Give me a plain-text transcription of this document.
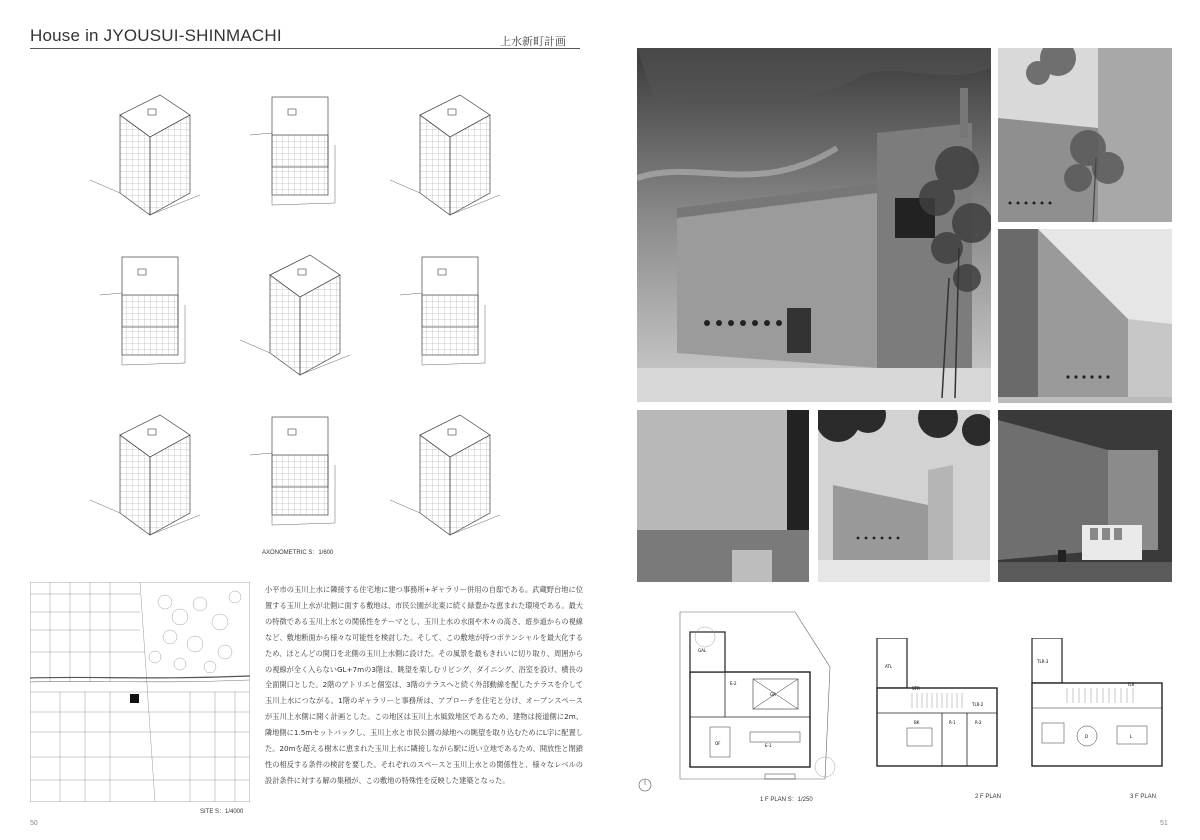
House in JYOUSUI-SHINMACHI	上水新町計画
AXONOMETRIC S：1/600
SITE S：1/4000
小平市の玉川上水に隣接する住宅地に建つ事務所+ギャラリー併用の自邸である。武蔵野台地に位置する玉川上水が北側に面する敷地は、市民公園が北東に続く緑豊かな恵まれた環境である。最大の特徴である玉川上水との関係性をテーマとし、玉川上水の水面や木々の高さ、遊歩道からの視線など、敷地断面から様々な可能性を検討した。そして、この敷地が持つポテンシャルを最大化するため、ほとんどの開口を北側の玉川上水側に設けた。その風景を最もきれいに切り取り、周囲からの視線が全く入らないGL+7mの3階は、眺望を楽しむリビング、ダイニング、浴室を設け、横長の全面開口とした。2階のアトリエと個室は、3階のテラスへと続く外部動線を配したテラスを介して玉川上水につながる。1階のギャラリーと事務所は、アプローチを住宅と分け、オープンスペースが玉川上水側に開く計画とした。この地区は玉川上水風致地区であるため、建物は接道側に2m、隣地側に1.5mセットバックし、玉川上水と市民公園の緑地への眺望を取り込むためにL字に配置した。20mを超える樹木に恵まれた玉川上水に隣接しながら駅に近い立地であるため、開放性と閉鎖性の相反する条件の検討を要した。それぞれのスペースと玉川上水との関係性と、様々なレベルの設計条件に対する解の集積が、この敷地の特殊性を反映した建築となった。
50	51
GAL
E-2
GR
OF	E-1
1 F PLAN S：1/250
ATL
STR
TLR-2
BK	R-1	R-2
2 F PLAN
TLR-3
TLR
D	L
3 F PLAN
